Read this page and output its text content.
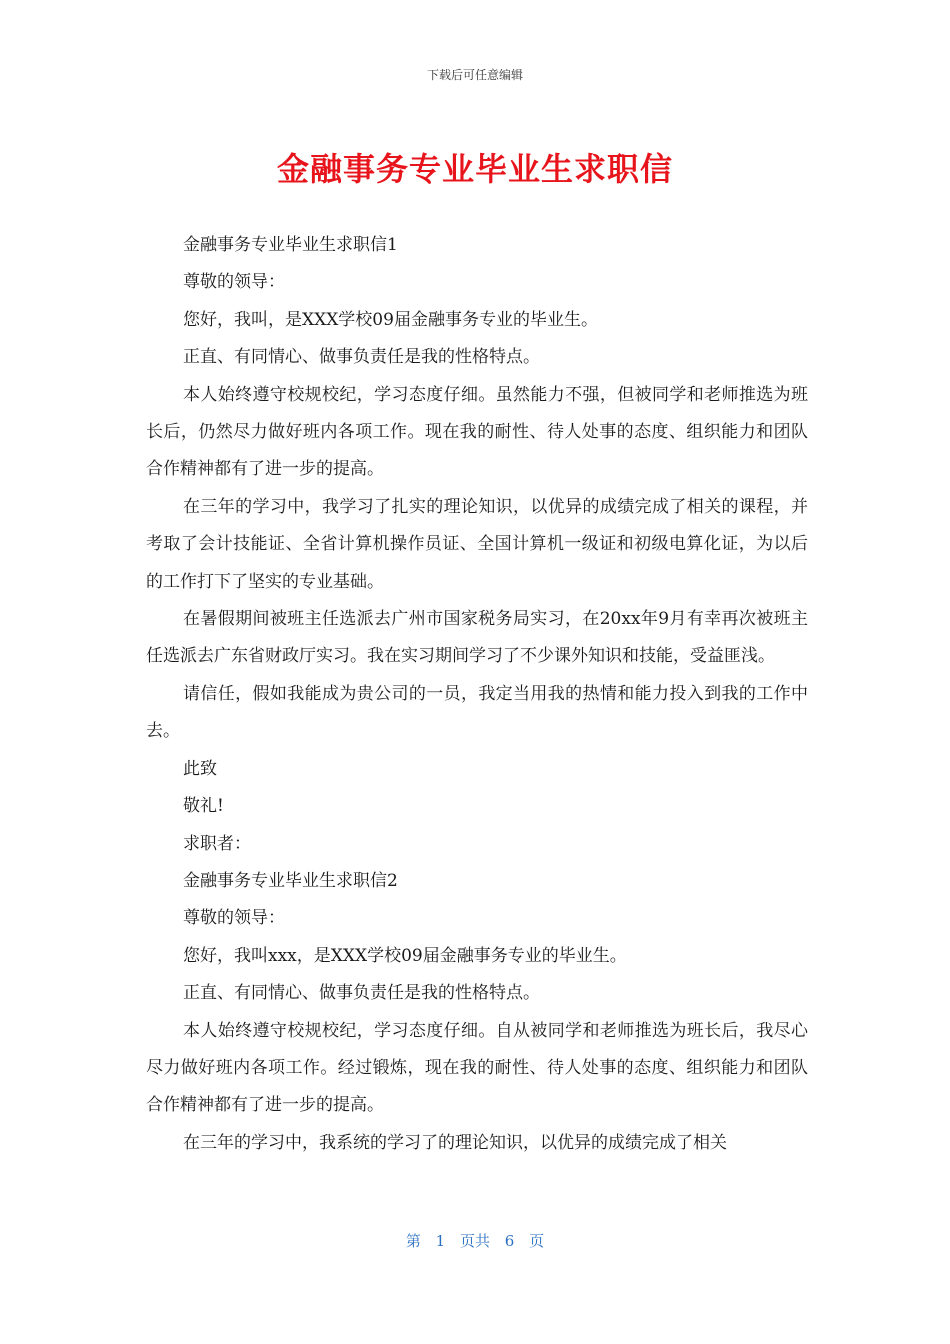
下载后可任意编辑
金融事务专业毕业生求职信

金融事务专业毕业生求职信1

尊敬的领导：

您好，我叫，是XXX学校09届金融事务专业的毕业生。

正直、有同情心、做事负责任是我的性格特点。

本人始终遵守校规校纪，学习态度仔细。虽然能力不强，但被同学和老师推选为班长后，仍然尽力做好班内各项工作。现在我的耐性、待人处事的态度、组织能力和团队合作精神都有了进一步的提高。

在三年的学习中，我学习了扎实的理论知识，以优异的成绩完成了相关的课程，并考取了会计技能证、全省计算机操作员证、全国计算机一级证和初级电算化证，为以后的工作打下了坚实的专业基础。

在暑假期间被班主任选派去广州市国家税务局实习，在20xx年9月有幸再次被班主任选派去广东省财政厅实习。我在实习期间学习了不少课外知识和技能，受益匪浅。

请信任，假如我能成为贵公司的一员，我定当用我的热情和能力投入到我的工作中去。

此致

敬礼!

求职者：

金融事务专业毕业生求职信2

尊敬的领导：

您好，我叫xxx，是XXX学校09届金融事务专业的毕业生。

正直、有同情心、做事负责任是我的性格特点。

本人始终遵守校规校纪，学习态度仔细。自从被同学和老师推选为班长后，我尽心尽力做好班内各项工作。经过锻炼，现在我的耐性、待人处事的态度、组织能力和团队合作精神都有了进一步的提高。

在三年的学习中，我系统的学习了的理论知识，以优异的成绩完成了相关

第 1 页共 6 页
